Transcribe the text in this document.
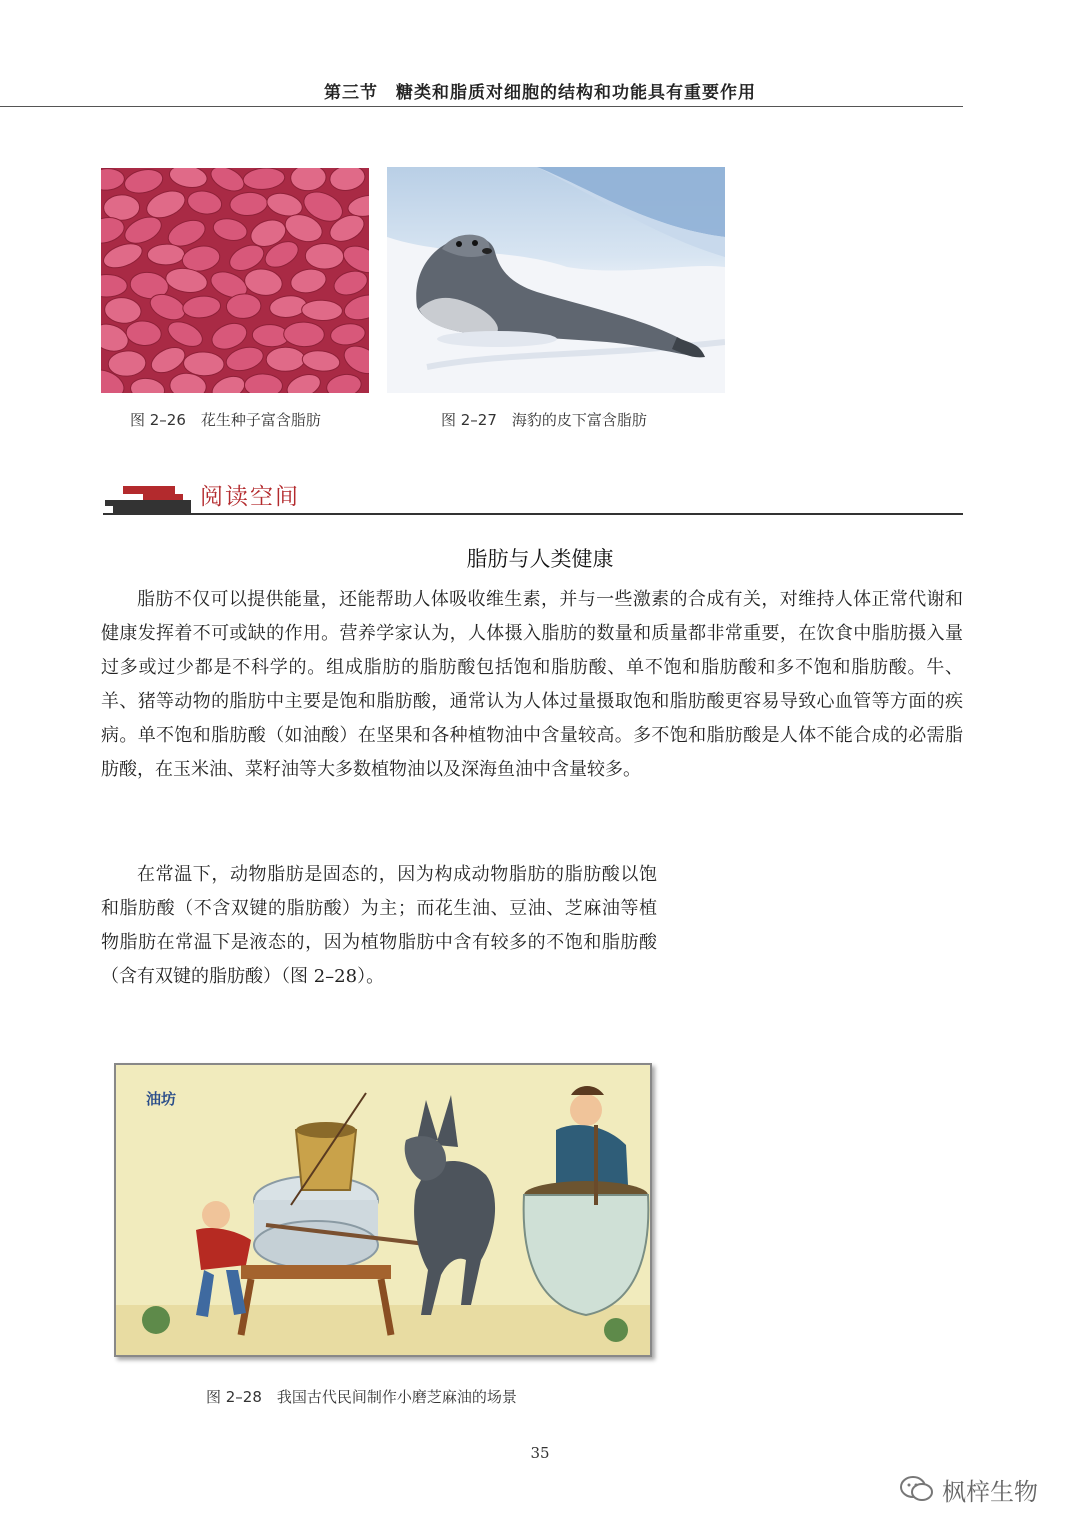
第三节　糖类和脂质对细胞的结构和功能具有重要作用
图 2–26　花生种子富含脂肪	图 2–27　海豹的皮下富含脂肪
阅读空间
脂肪与人类健康

脂肪不仅可以提供能量，还能帮助人体吸收维生素，并与一些激素的合成有关，对维持人体正常代谢和健康发挥着不可或缺的作用。营养学家认为，人体摄入脂肪的数量和质量都非常重要，在饮食中脂肪摄入量过多或过少都是不科学的。组成脂肪的脂肪酸包括饱和脂肪酸、单不饱和脂肪酸和多不饱和脂肪酸。牛、羊、猪等动物的脂肪中主要是饱和脂肪酸，通常认为人体过量摄取饱和脂肪酸更容易导致心血管等方面的疾病。单不饱和脂肪酸（如油酸）在坚果和各种植物油中含量较高。多不饱和脂肪酸是人体不能合成的必需脂肪酸，在玉米油、菜籽油等大多数植物油以及深海鱼油中含量较多。

在常温下，动物脂肪是固态的，因为构成动物脂肪的脂肪酸以饱和脂肪酸（不含双键的脂肪酸）为主；而花生油、豆油、芝麻油等植物脂肪在常温下是液态的，因为植物脂肪中含有较多的不饱和脂肪酸（含有双键的脂肪酸）（图 2–28）。

油坊
图 2–28　我国古代民间制作小磨芝麻油的场景
35
枫梓生物
